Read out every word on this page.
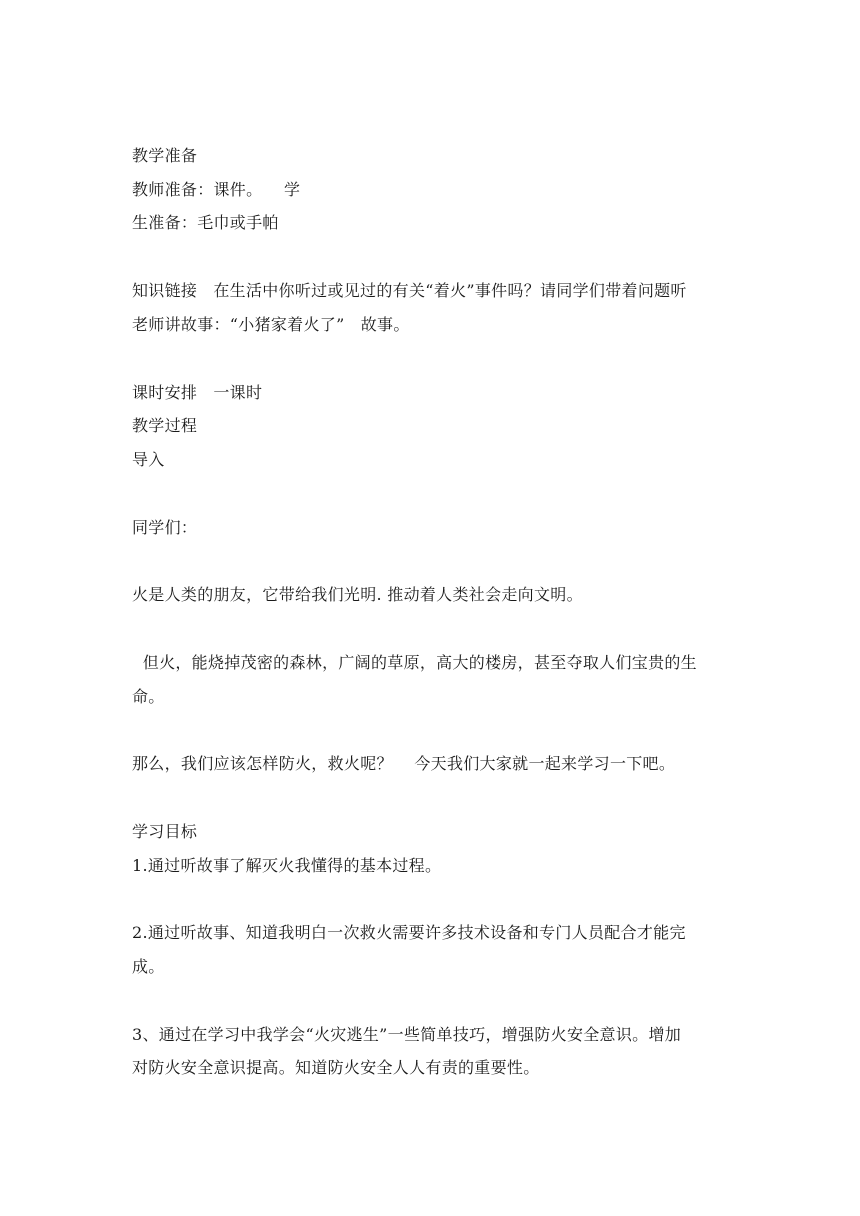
教学准备
教师准备：课件。    学
生准备：毛巾或手帕
知识链接   在生活中你听过或见过的有关“着火”事件吗？请同学们带着问题听
老师讲故事：“小猪家着火了”   故事。
课时安排   一课时
教学过程
导入
同学们：
火是人类的朋友，它带给我们光明. 推动着人类社会走向文明。
但火，能烧掉茂密的森林，广阔的草原，高大的楼房，甚至夺取人们宝贵的生
命。
那么，我们应该怎样防火，救火呢？    今天我们大家就一起来学习一下吧。
学习目标
1.通过听故事了解灭火我懂得的基本过程。
2.通过听故事、知道我明白一次救火需要许多技术设备和专门人员配合才能完
成。
3、通过在学习中我学会“火灾逃生”一些简单技巧，增强防火安全意识。增加
对防火安全意识提高。知道防火安全人人有责的重要性。
